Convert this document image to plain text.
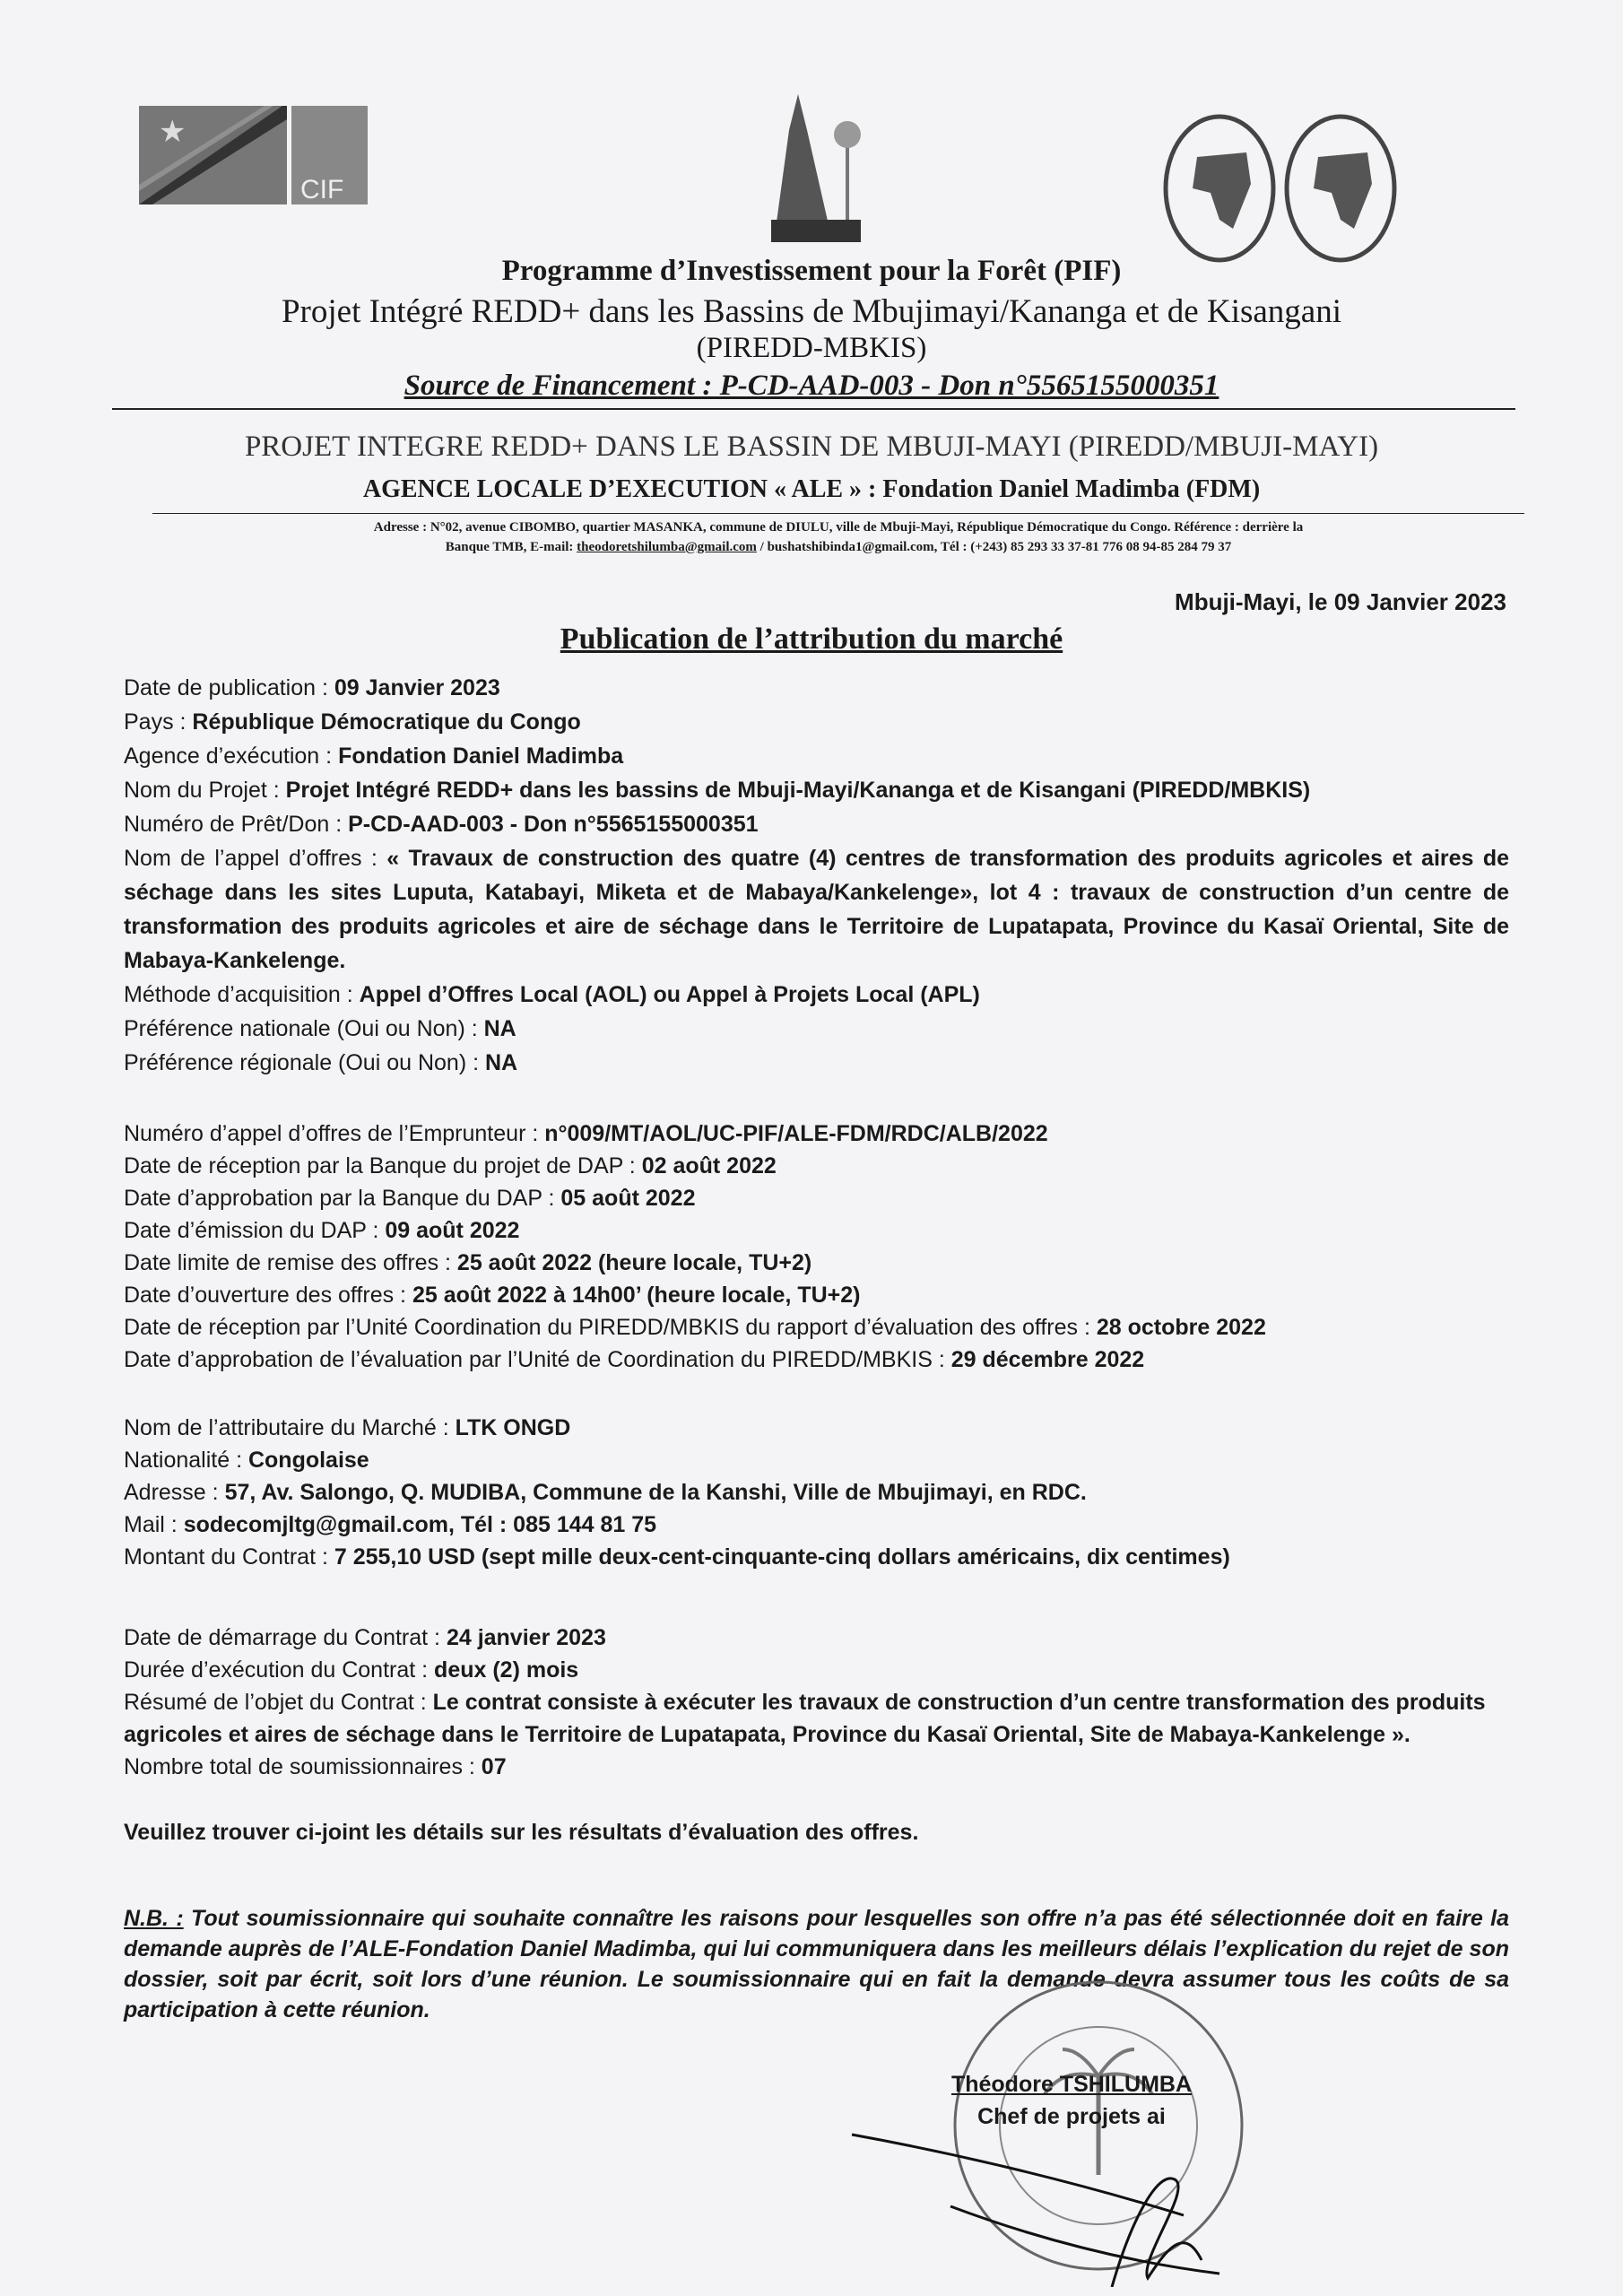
★
CIF
Programme d’Investissement pour la Forêt (PIF)
Projet Intégré REDD+ dans les Bassins de Mbujimayi/Kananga et de Kisangani
(PIREDD-MBKIS)
Source de Financement : P-CD-AAD-003 - Don n°5565155000351
PROJET INTEGRE REDD+ DANS LE BASSIN DE MBUJI-MAYI (PIREDD/MBUJI-MAYI)
AGENCE LOCALE D’EXECUTION « ALE » : Fondation Daniel Madimba (FDM)
Adresse : N°02, avenue CIBOMBO, quartier MASANKA, commune de DIULU, ville de Mbuji-Mayi, République Démocratique du Congo. Référence : derrière la
Banque TMB, E-mail: theodoretshilumba@gmail.com / bushatshibinda1@gmail.com, Tél : (+243) 85 293 33 37-81 776 08 94-85 284 79 37
Mbuji-Mayi, le 09 Janvier 2023
Publication de l’attribution du marché
Date de publication : 09 Janvier 2023
Pays : République Démocratique du Congo
Agence d’exécution : Fondation Daniel Madimba
Nom du Projet : Projet Intégré REDD+ dans les bassins de Mbuji-Mayi/Kananga et de Kisangani (PIREDD/MBKIS)
Numéro de Prêt/Don : P-CD-AAD-003 - Don n°5565155000351
Nom de l’appel d’offres : « Travaux de construction des quatre (4) centres de transformation des produits agricoles et aires de séchage dans les sites Luputa, Katabayi, Miketa et de Mabaya/Kankelenge», lot 4 : travaux de construction d’un centre de transformation des produits agricoles et aire de séchage dans le Territoire de Lupatapata, Province du Kasaï Oriental, Site de Mabaya-Kankelenge.
Méthode d’acquisition : Appel d’Offres Local (AOL) ou Appel à Projets Local (APL)
Préférence nationale (Oui ou Non) : NA
Préférence régionale (Oui ou Non) : NA
Numéro d’appel d’offres de l’Emprunteur : n°009/MT/AOL/UC-PIF/ALE-FDM/RDC/ALB/2022
Date de réception par la Banque du projet de DAP : 02 août 2022
Date d’approbation par la Banque du DAP : 05 août 2022
Date d’émission du DAP : 09 août 2022
Date limite de remise des offres : 25 août 2022 (heure locale, TU+2)
Date d’ouverture des offres : 25 août 2022 à 14h00’ (heure locale, TU+2)
Date de réception par l’Unité Coordination du PIREDD/MBKIS du rapport d’évaluation des offres : 28 octobre 2022
Date d’approbation de l’évaluation par l’Unité de Coordination du PIREDD/MBKIS : 29 décembre 2022
Nom de l’attributaire du Marché : LTK ONGD
Nationalité : Congolaise
Adresse : 57, Av. Salongo, Q. MUDIBA, Commune de la Kanshi, Ville de Mbujimayi, en RDC.
Mail : sodecomjltg@gmail.com, Tél : 085 144 81 75
Montant du Contrat : 7 255,10 USD (sept mille deux-cent-cinquante-cinq dollars américains, dix centimes)
Date de démarrage du Contrat : 24 janvier 2023
Durée d’exécution du Contrat : deux (2) mois
Résumé de l’objet du Contrat : Le contrat consiste à exécuter les travaux de construction d’un centre transformation des produits agricoles et aires de séchage dans le Territoire de Lupatapata, Province du Kasaï Oriental, Site de Mabaya-Kankelenge ».
Nombre total de soumissionnaires : 07
Veuillez trouver ci-joint les détails sur les résultats d’évaluation des offres.
N.B. : Tout soumissionnaire qui souhaite connaître les raisons pour lesquelles son offre n’a pas été sélectionnée doit en faire la demande auprès de l’ALE-Fondation Daniel Madimba, qui lui communiquera dans les meilleurs délais l’explication du rejet de son dossier, soit par écrit, soit lors d’une réunion. Le soumissionnaire qui en fait la demande devra assumer tous les coûts de sa participation à cette réunion.
Théodore TSHILUMBA
Chef de projets ai
